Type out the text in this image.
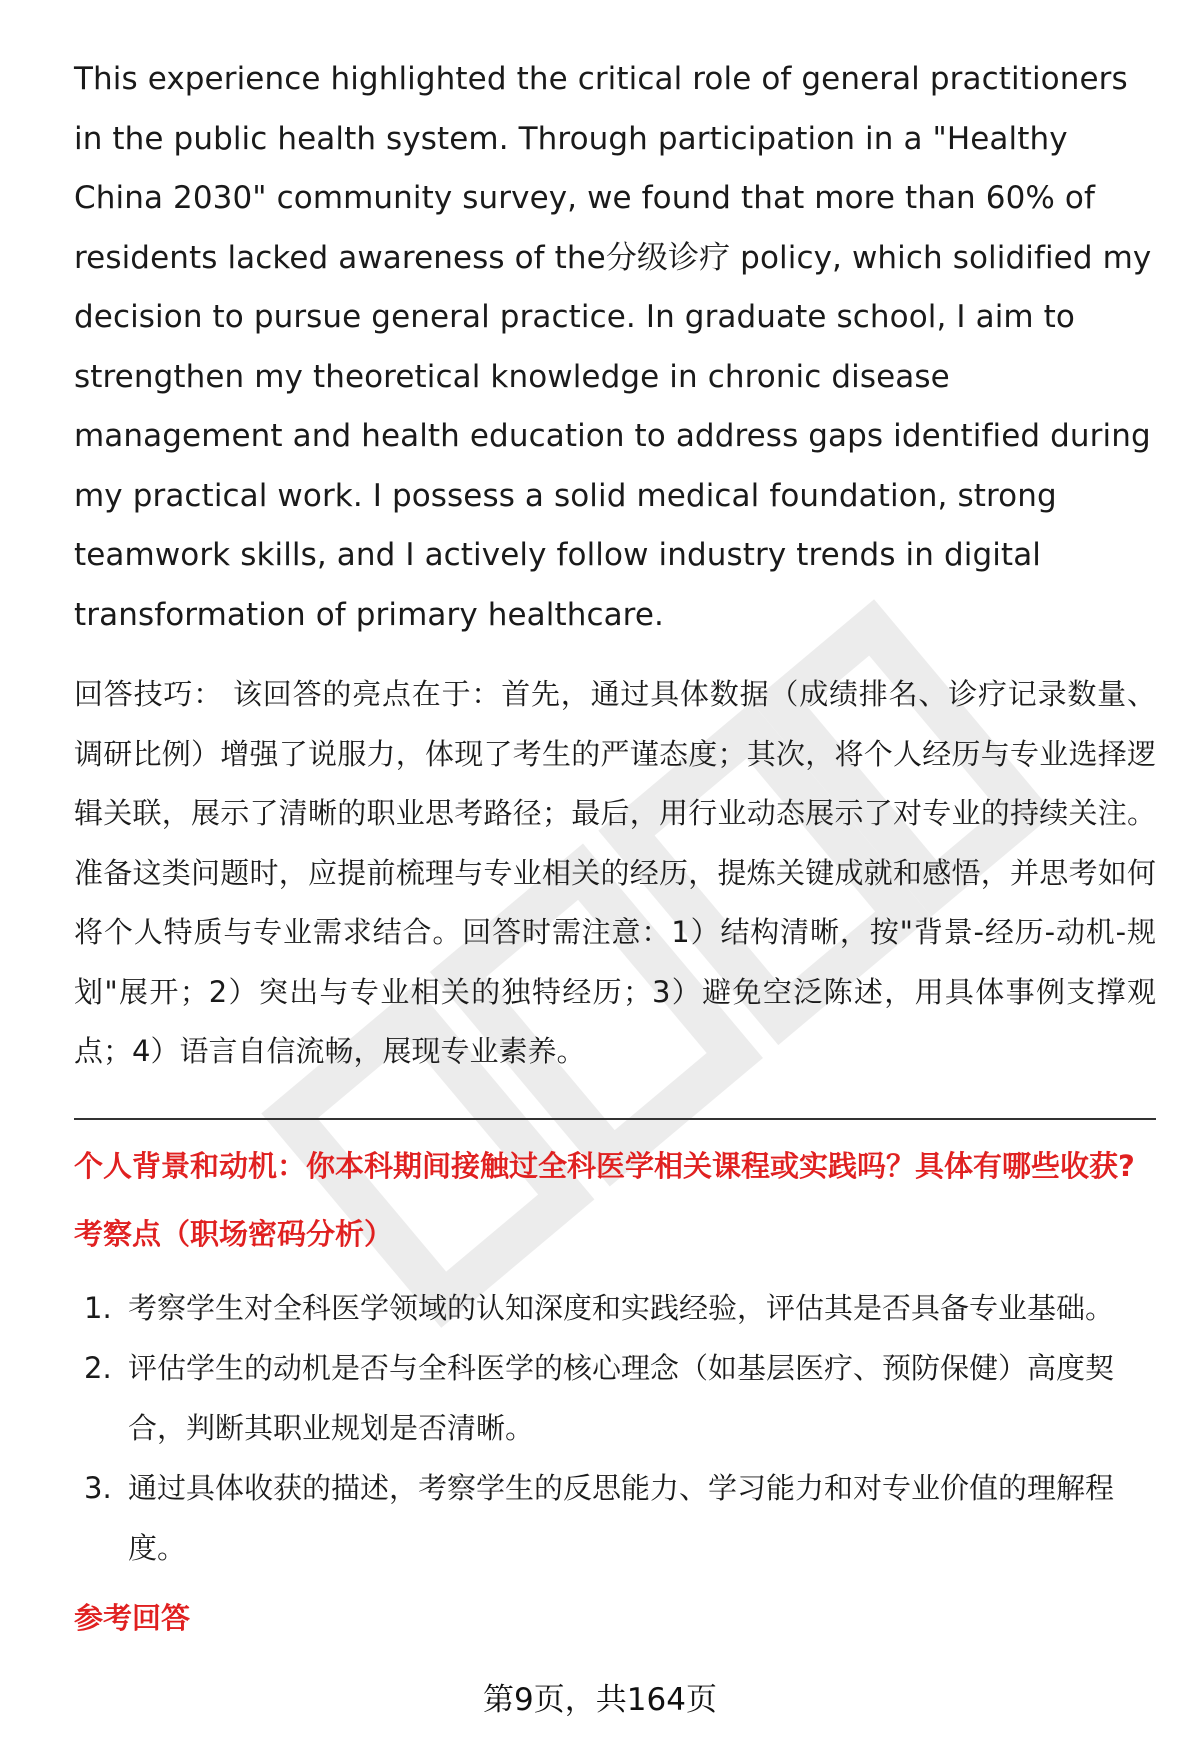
This experience highlighted the critical role of general practitioners in the public health system. Through participation in a "Healthy China 2030" community survey, we found that more than 60% of residents lacked awareness of the分级诊疗 policy, which solidified my decision to pursue general practice. In graduate school, I aim to strengthen my theoretical knowledge in chronic disease management and health education to address gaps identified during my practical work. I possess a solid medical foundation, strong teamwork skills, and I actively follow industry trends in digital transformation of primary healthcare.

回答技巧： 该回答的亮点在于：首先，通过具体数据（成绩排名、诊疗记录数量、调研比例）增强了说服力，体现了考生的严谨态度；其次，将个人经历与专业选择逻辑关联，展示了清晰的职业思考路径；最后，用行业动态展示了对专业的持续关注。准备这类问题时，应提前梳理与专业相关的经历，提炼关键成就和感悟，并思考如何将个人特质与专业需求结合。回答时需注意：1）结构清晰，按"背景-经历-动机-规划"展开；2）突出与专业相关的独特经历；3）避免空泛陈述，用具体事例支撑观点；4）语言自信流畅，展现专业素养。

个人背景和动机：你本科期间接触过全科医学相关课程或实践吗？具体有哪些收获?
考察点（职场密码分析）
1. 考察学生对全科医学领域的认知深度和实践经验，评估其是否具备专业基础。
2. 评估学生的动机是否与全科医学的核心理念（如基层医疗、预防保健）高度契合，判断其职业规划是否清晰。
3. 通过具体收获的描述，考察学生的反思能力、学习能力和对专业价值的理解程度。
参考回答
第9页，共164页
